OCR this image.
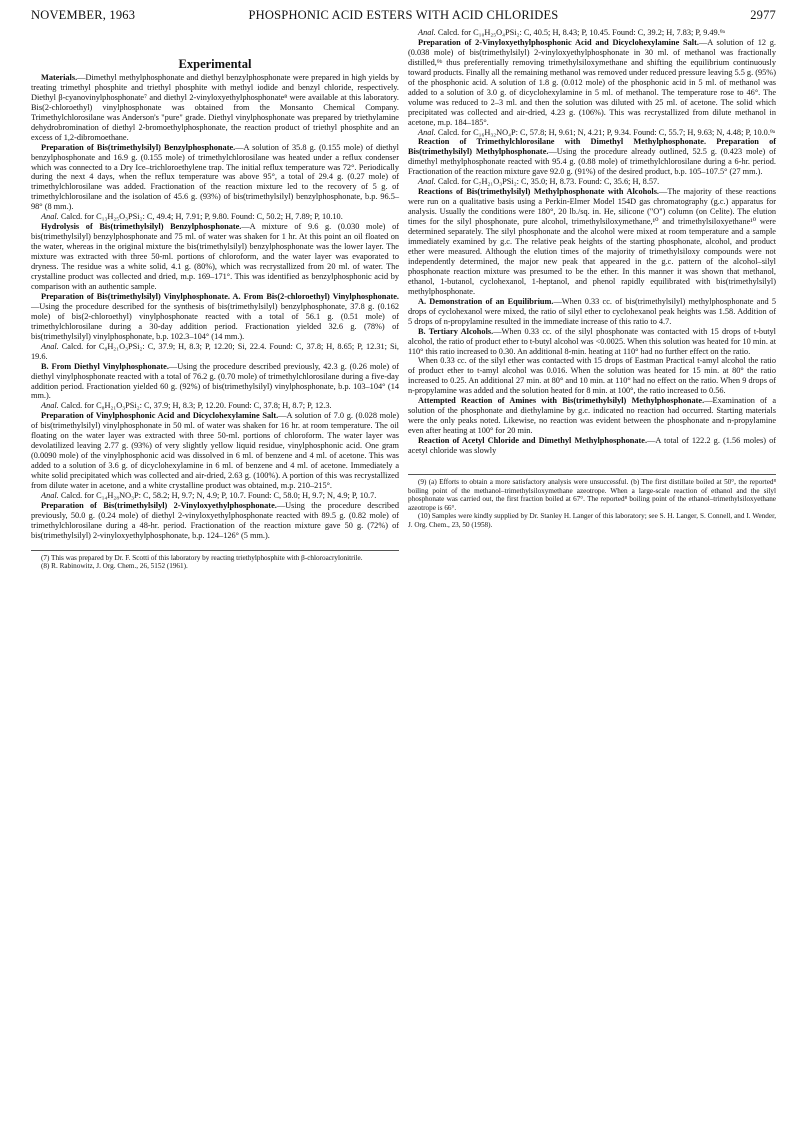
NOVEMBER, 1963	PHOSPHONIC ACID ESTERS WITH ACID CHLORIDES	2977
Experimental

Materials.—Dimethyl methylphosphonate and diethyl benzylphosphonate were prepared in high yields by treating trimethyl phosphite and triethyl phosphite with methyl iodide and benzyl chloride, respectively. Diethyl β-cyanovinylphosphonate⁷ and diethyl 2-vinyloxyethylphosphonate⁸ were available at this laboratory. Bis(2-chloroethyl) vinylphosphonate was obtained from the Monsanto Chemical Company. Trimethylchlorosilane was Anderson's "pure" grade. Diethyl vinylphosphonate was prepared by triethylamine dehydrobromination of diethyl 2-bromoethylphosphonate, the reaction product of triethyl phosphite and an excess of 1,2-dibromoethane.

Preparation of Bis(trimethylsilyl) Benzylphosphonate.—A solution of 35.8 g. (0.155 mole) of diethyl benzylphosphonate and 16.9 g. (0.155 mole) of trimethylchlorosilane was heated under a reflux condenser which was connected to a Dry Ice–trichloroethylene trap. The initial reflux temperature was 72°. Periodically during the next 4 days, when the reflux temperature was above 95°, a total of 29.4 g. (0.27 mole) of trimethylchlorosilane was added. Fractionation of the reaction mixture led to the recovery of 5 g. of trimethylchlorosilane and the isolation of 45.6 g. (93%) of bis(trimethylsilyl) benzylphosphonate, b.p. 96.5–98° (8 mm.).

Anal. Calcd. for C₁₃H₂₅O₃PSi₂: C, 49.4; H, 7.91; P, 9.80. Found: C, 50.2; H, 7.89; P, 10.10.

Hydrolysis of Bis(trimethylsilyl) Benzylphosphonate.—A mixture of 9.6 g. (0.030 mole) of bis(trimethylsilyl) benzylphosphonate and 75 ml. of water was shaken for 1 hr. At this point an oil floated on the water, whereas in the original mixture the bis(trimethylsilyl) benzylphosphonate was the lower layer. The mixture was extracted with three 50-ml. portions of chloroform, and the water layer was evaporated to dryness. The residue was a white solid, 4.1 g. (80%), which was recrystallized from 20 ml. of water. The crystalline product was collected and dried, m.p. 169–171°. This was identified as benzylphosphonic acid by comparison with an authentic sample.

Preparation of Bis(trimethylsilyl) Vinylphosphonate. A. From Bis(2-chloroethyl) Vinylphosphonate.—Using the procedure described for the synthesis of bis(trimethylsilyl) benzylphosphonate, 37.8 g. (0.162 mole) of bis(2-chloroethyl) vinylphosphonate reacted with a total of 56.1 g. (0.51 mole) of trimethylchlorosilane during a 30-day addition period. Fractionation yielded 32.6 g. (78%) of bis(trimethylsilyl) vinylphosphonate, b.p. 102.3–104° (14 mm.).

Anal. Calcd. for C₈H₂₁O₃PSi₂: C, 37.9; H, 8.3; P, 12.20; Si, 22.4. Found: C, 37.8; H, 8.65; P, 12.31; Si, 19.6.

B. From Diethyl Vinylphosphonate.—Using the procedure described previously, 42.3 g. (0.26 mole) of diethyl vinylphosphonate reacted with a total of 76.2 g. (0.70 mole) of trimethylchlorosilane during a five-day addition period. Fractionation yielded 60 g. (92%) of bis(trimethylsilyl) vinylphosphonate, b.p. 103–104° (14 mm.).

Anal. Calcd. for C₈H₂₁O₃PSi₂: C, 37.9; H, 8.3; P, 12.20. Found: C, 37.8; H, 8.7; P, 12.3.

Preparation of Vinylphosphonic Acid and Dicyclohexylamine Salt.—A solution of 7.0 g. (0.028 mole) of bis(trimethylsilyl) vinylphosphonate in 50 ml. of water was shaken for 16 hr. at room temperature. The oil floating on the water layer was extracted with three 50-ml. portions of chloroform. The water layer was devolatilized leaving 2.77 g. (93%) of very slightly yellow liquid residue, vinylphosphonic acid. One gram (0.0090 mole) of the vinylphosphonic acid was dissolved in 6 ml. of benzene and 4 ml. of acetone. This was added to a solution of 3.6 g. of dicyclohexylamine in 6 ml. of benzene and 4 ml. of acetone. Immediately a white solid precipitated which was collected and air-dried, 2.63 g. (100%). A portion of this was recrystallized from dilute water in acetone, and a white crystalline product was obtained, m.p. 210–215°.

Anal. Calcd. for C₁₄H₂₈NO₃P: C, 58.2; H, 9.7; N, 4.9; P, 10.7. Found: C, 58.0; H, 9.7; N, 4.9; P, 10.7.

Preparation of Bis(trimethylsilyl) 2-Vinyloxyethylphosphonate.—Using the procedure described previously, 50.0 g. (0.24 mole) of diethyl 2-vinyloxyethylphosphonate reacted with 89.5 g. (0.82 mole) of trimethylchlorosilane during a 48-hr. period. Fractionation of the reaction mixture gave 50 g. (72%) of bis(trimethylsilyl) 2-vinyloxyethylphosphonate, b.p. 124–126° (5 mm.).

(7) This was prepared by Dr. F. Scotti of this laboratory by reacting triethylphosphite with β-chloroacrylonitrile.

(8) R. Rabinowitz, J. Org. Chem., 26, 5152 (1961).

Anal. Calcd. for C₁₀H₂₅O₄PSi₂: C, 40.5; H, 8.43; P, 10.45. Found: C, 39.2; H, 7.83; P, 9.49.⁹ᵃ

Preparation of 2-Vinyloxyethylphosphonic Acid and Dicyclohexylamine Salt.—A solution of 12 g. (0.038 mole) of bis(trimethylsilyl) 2-vinyloxyethylphosphonate in 30 ml. of methanol was fractionally distilled,⁹ᵇ thus preferentially removing trimethylsiloxymethane and shifting the equilibrium continuously toward products. Finally all the remaining methanol was removed under reduced pressure leaving 5.5 g. (95%) of the phosphonic acid. A solution of 1.8 g. (0.012 mole) of the phosphonic acid in 5 ml. of methanol was added to a solution of 3.0 g. of dicyclohexylamine in 5 ml. of methanol. The temperature rose to 46°. The volume was reduced to 2–3 ml. and then the solution was diluted with 25 ml. of acetone. The solid which precipitated was collected and air-dried, 4.23 g. (106%). This was recrystallized from dilute methanol in acetone, m.p. 184–185°.

Anal. Calcd. for C₁₆H₃₂NO₄P: C, 57.8; H, 9.61; N, 4.21; P, 9.34. Found: C, 55.7; H, 9.63; N, 4.48; P, 10.0.⁹ᵃ

Reaction of Trimethylchlorosilane with Dimethyl Methylphosphonate. Preparation of Bis(trimethylsilyl) Methylphosphonate.—Using the procedure already outlined, 52.5 g. (0.423 mole) of dimethyl methylphosphonate reacted with 95.4 g. (0.88 mole) of trimethylchlorosilane during a 6-hr. period. Fractionation of the reaction mixture gave 92.0 g. (91%) of the desired product, b.p. 105–107.5° (27 mm.).

Anal. Calcd. for C₇H₂₁O₃PSi₂: C, 35.0; H, 8.73. Found: C, 35.6; H, 8.57.

Reactions of Bis(trimethylsilyl) Methylphosphonate with Alcohols.—The majority of these reactions were run on a qualitative basis using a Perkin-Elmer Model 154D gas chromatography (g.c.) apparatus for analysis. Usually the conditions were 180°, 20 lb./sq. in. He, silicone ("O") column (on Celite). The elution times for the silyl phosphonate, pure alcohol, trimethylsiloxymethane,¹⁰ and trimethylsiloxyethane¹⁰ were determined separately. The silyl phosphonate and the alcohol were mixed at room temperature and a sample immediately examined by g.c. The relative peak heights of the starting phosphonate, alcohol, and product ether were measured. Although the elution times of the majority of trimethylsiloxy compounds were not independently determined, the major new peak that appeared in the g.c. pattern of the alcohol–silyl phosphonate reaction mixture was presumed to be the ether. In this manner it was shown that methanol, ethanol, 1-butanol, cyclohexanol, 1-heptanol, and phenol rapidly equilibrated with bis(trimethylsilyl) methylphosphonate.

A. Demonstration of an Equilibrium.—When 0.33 cc. of bis(trimethylsilyl) methylphosphonate and 5 drops of cyclohexanol were mixed, the ratio of silyl ether to cyclohexanol peak heights was 1.58. Addition of 5 drops of n-propylamine resulted in the immediate increase of this ratio to 4.7.

B. Tertiary Alcohols.—When 0.33 cc. of the silyl phosphonate was contacted with 15 drops of t-butyl alcohol, the ratio of product ether to t-butyl alcohol was <0.0025. When this solution was heated for 10 min. at 110° this ratio increased to 0.30. An additional 8-min. heating at 110° had no further effect on the ratio.

When 0.33 cc. of the silyl ether was contacted with 15 drops of Eastman Practical t-amyl alcohol the ratio of product ether to t-amyl alcohol was 0.016. When the solution was heated for 15 min. at 80° the ratio increased to 0.25. An additional 27 min. at 80° and 10 min. at 110° had no effect on the ratio. When 9 drops of n-propylamine was added and the solution heated for 8 min. at 100°, the ratio increased to 0.56.

Attempted Reaction of Amines with Bis(trimethylsilyl) Methylphosphonate.—Examination of a solution of the phosphonate and diethylamine by g.c. indicated no reaction had occurred. Starting materials were the only peaks noted. Likewise, no reaction was evident between the phosphonate and n-propylamine even after heating at 100° for 20 min.

Reaction of Acetyl Chloride and Dimethyl Methylphosphonate.—A total of 122.2 g. (1.56 moles) of acetyl chloride was slowly

(9) (a) Efforts to obtain a more satisfactory analysis were unsuccessful. (b) The first distillate boiled at 50°, the reported⁸ boiling point of the methanol–trimethylsiloxymethane azeotrope. When a large-scale reaction of ethanol and the silyl phosphonate was carried out, the first fraction boiled at 67°. The reported⁸ boiling point of the ethanol–trimethylsiloxyethane azeotrope is 66°.

(10) Samples were kindly supplied by Dr. Stanley H. Langer of this laboratory; see S. H. Langer, S. Connell, and I. Wender, J. Org. Chem., 23, 50 (1958).
